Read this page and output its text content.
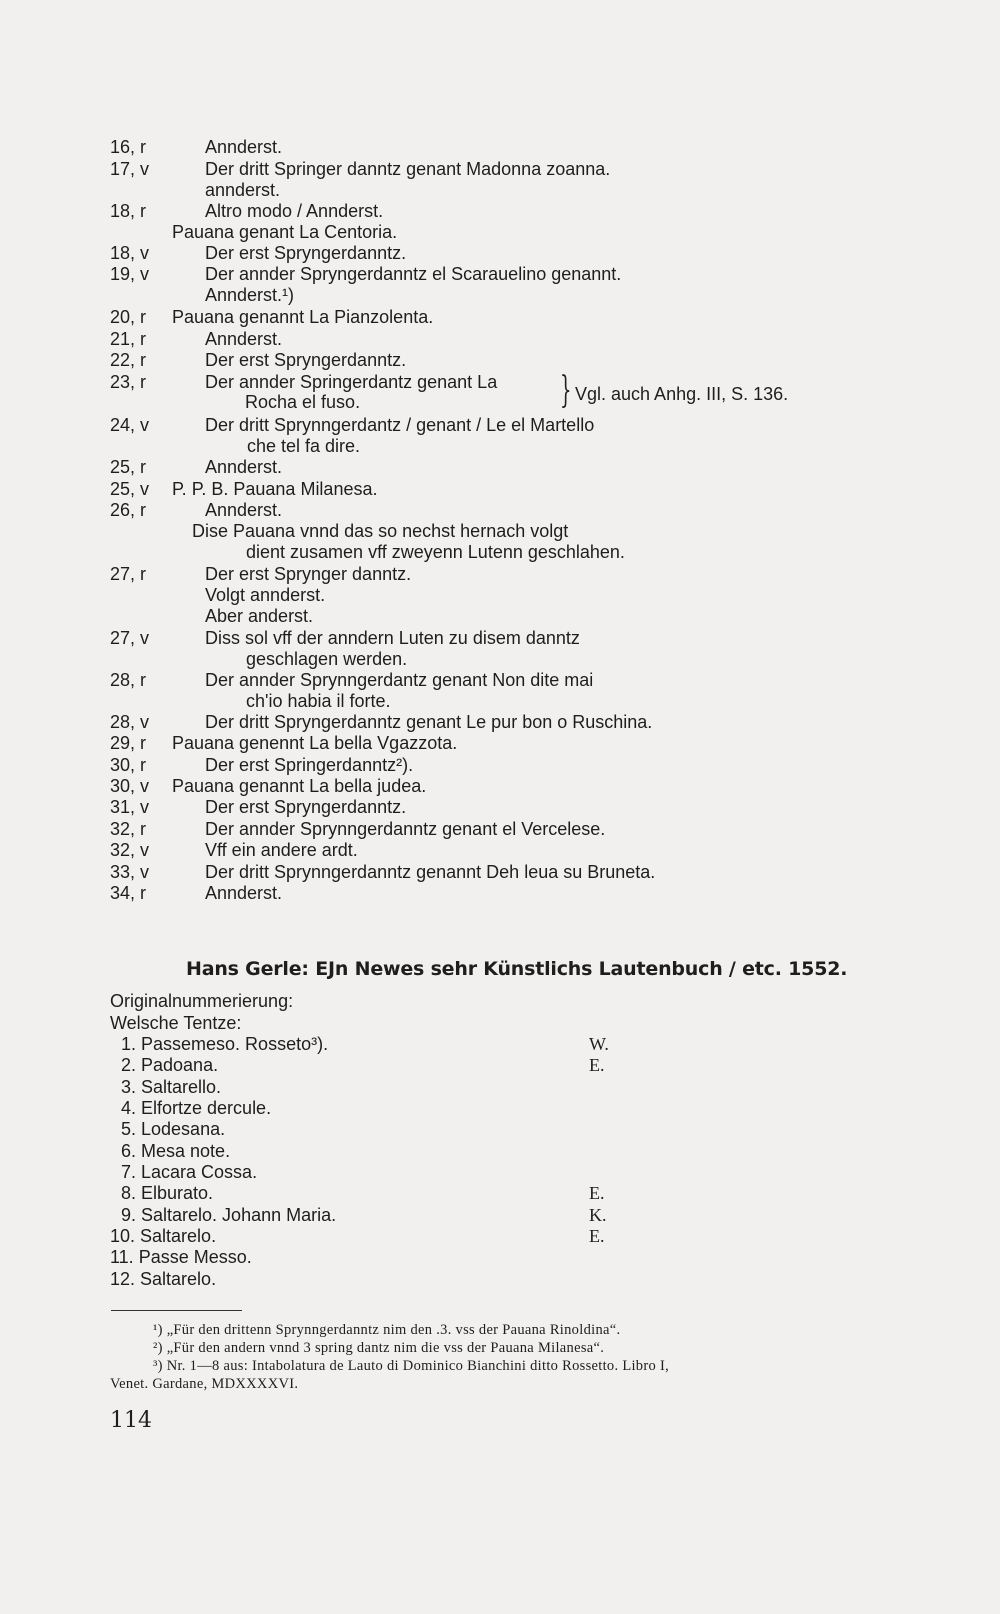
16, r	Annderst.
17, v	Der dritt Springer danntz genant Madonna zoanna.
annderst.
18, r	Altro modo / Annderst.
Pauana genant La Centoria.
18, v	Der erst Spryngerdanntz.
19, v	Der annder Spryngerdanntz el Scarauelino genannt.
Annderst.¹)
20, r Pauana genannt La Pianzolenta.
21, r	Annderst.
22, r	Der erst Spryngerdanntz.
23, r	Der annder Springerdantz genant La
Rocha el fuso.	} Vgl. auch Anhg. III, S. 136.
24, v	Der dritt Sprynngerdantz / genant / Le el Martello
che tel fa dire.
25, r	Annderst.
25, v P. P. B. Pauana Milanesa.
26, r	Annderst.
Dise Pauana vnnd das so nechst hernach volgt
dient zusamen vff zweyenn Lutenn geschlahen.
27, r	Der erst Sprynger danntz.
Volgt annderst.
Aber anderst.
27, v	Diss sol vff der anndern Luten zu disem danntz
geschlagen werden.
28, r	Der annder Sprynngerdantz genant Non dite mai
ch'io habia il forte.
28, v	Der dritt Spryngerdanntz genant Le pur bon o Ruschina.
29, r Pauana genennt La bella Vgazzota.
30, r	Der erst Springerdanntz²).
30, v Pauana genannt La bella judea.
31, v	Der erst Spryngerdanntz.
32, r	Der annder Sprynngerdanntz genant el Vercelese.
32, v	Vff ein andere ardt.
33, v	Der dritt Sprynngerdanntz genannt Deh leua su Bruneta.
34, r	Annderst.
Hans Gerle: EJn Newes sehr Künstlichs Lautenbuch / etc. 1552.
Originalnummerierung:
Welsche Tentze:
1. Passemeso. Rosseto³).	W.
2. Padoana.	E.
3. Saltarello.
4. Elfortze dercule.
5. Lodesana.
6. Mesa note.
7. Lacara Cossa.
8. Elburato.	E.
9. Saltarelo. Johann Maria.	K.
10. Saltarelo.	E.
11. Passe Messo.
12. Saltarelo.
¹) „Für den drittenn Sprynngerdanntz nim den .3. vss der Pauana Rinoldina“.
²) „Für den andern vnnd 3 spring dantz nim die vss der Pauana Milanesa“.
³) Nr. 1—8 aus: Intabolatura de Lauto di Dominico Bianchini ditto Rossetto. Libro I,
Venet. Gardane, MDXXXXVI.
114
